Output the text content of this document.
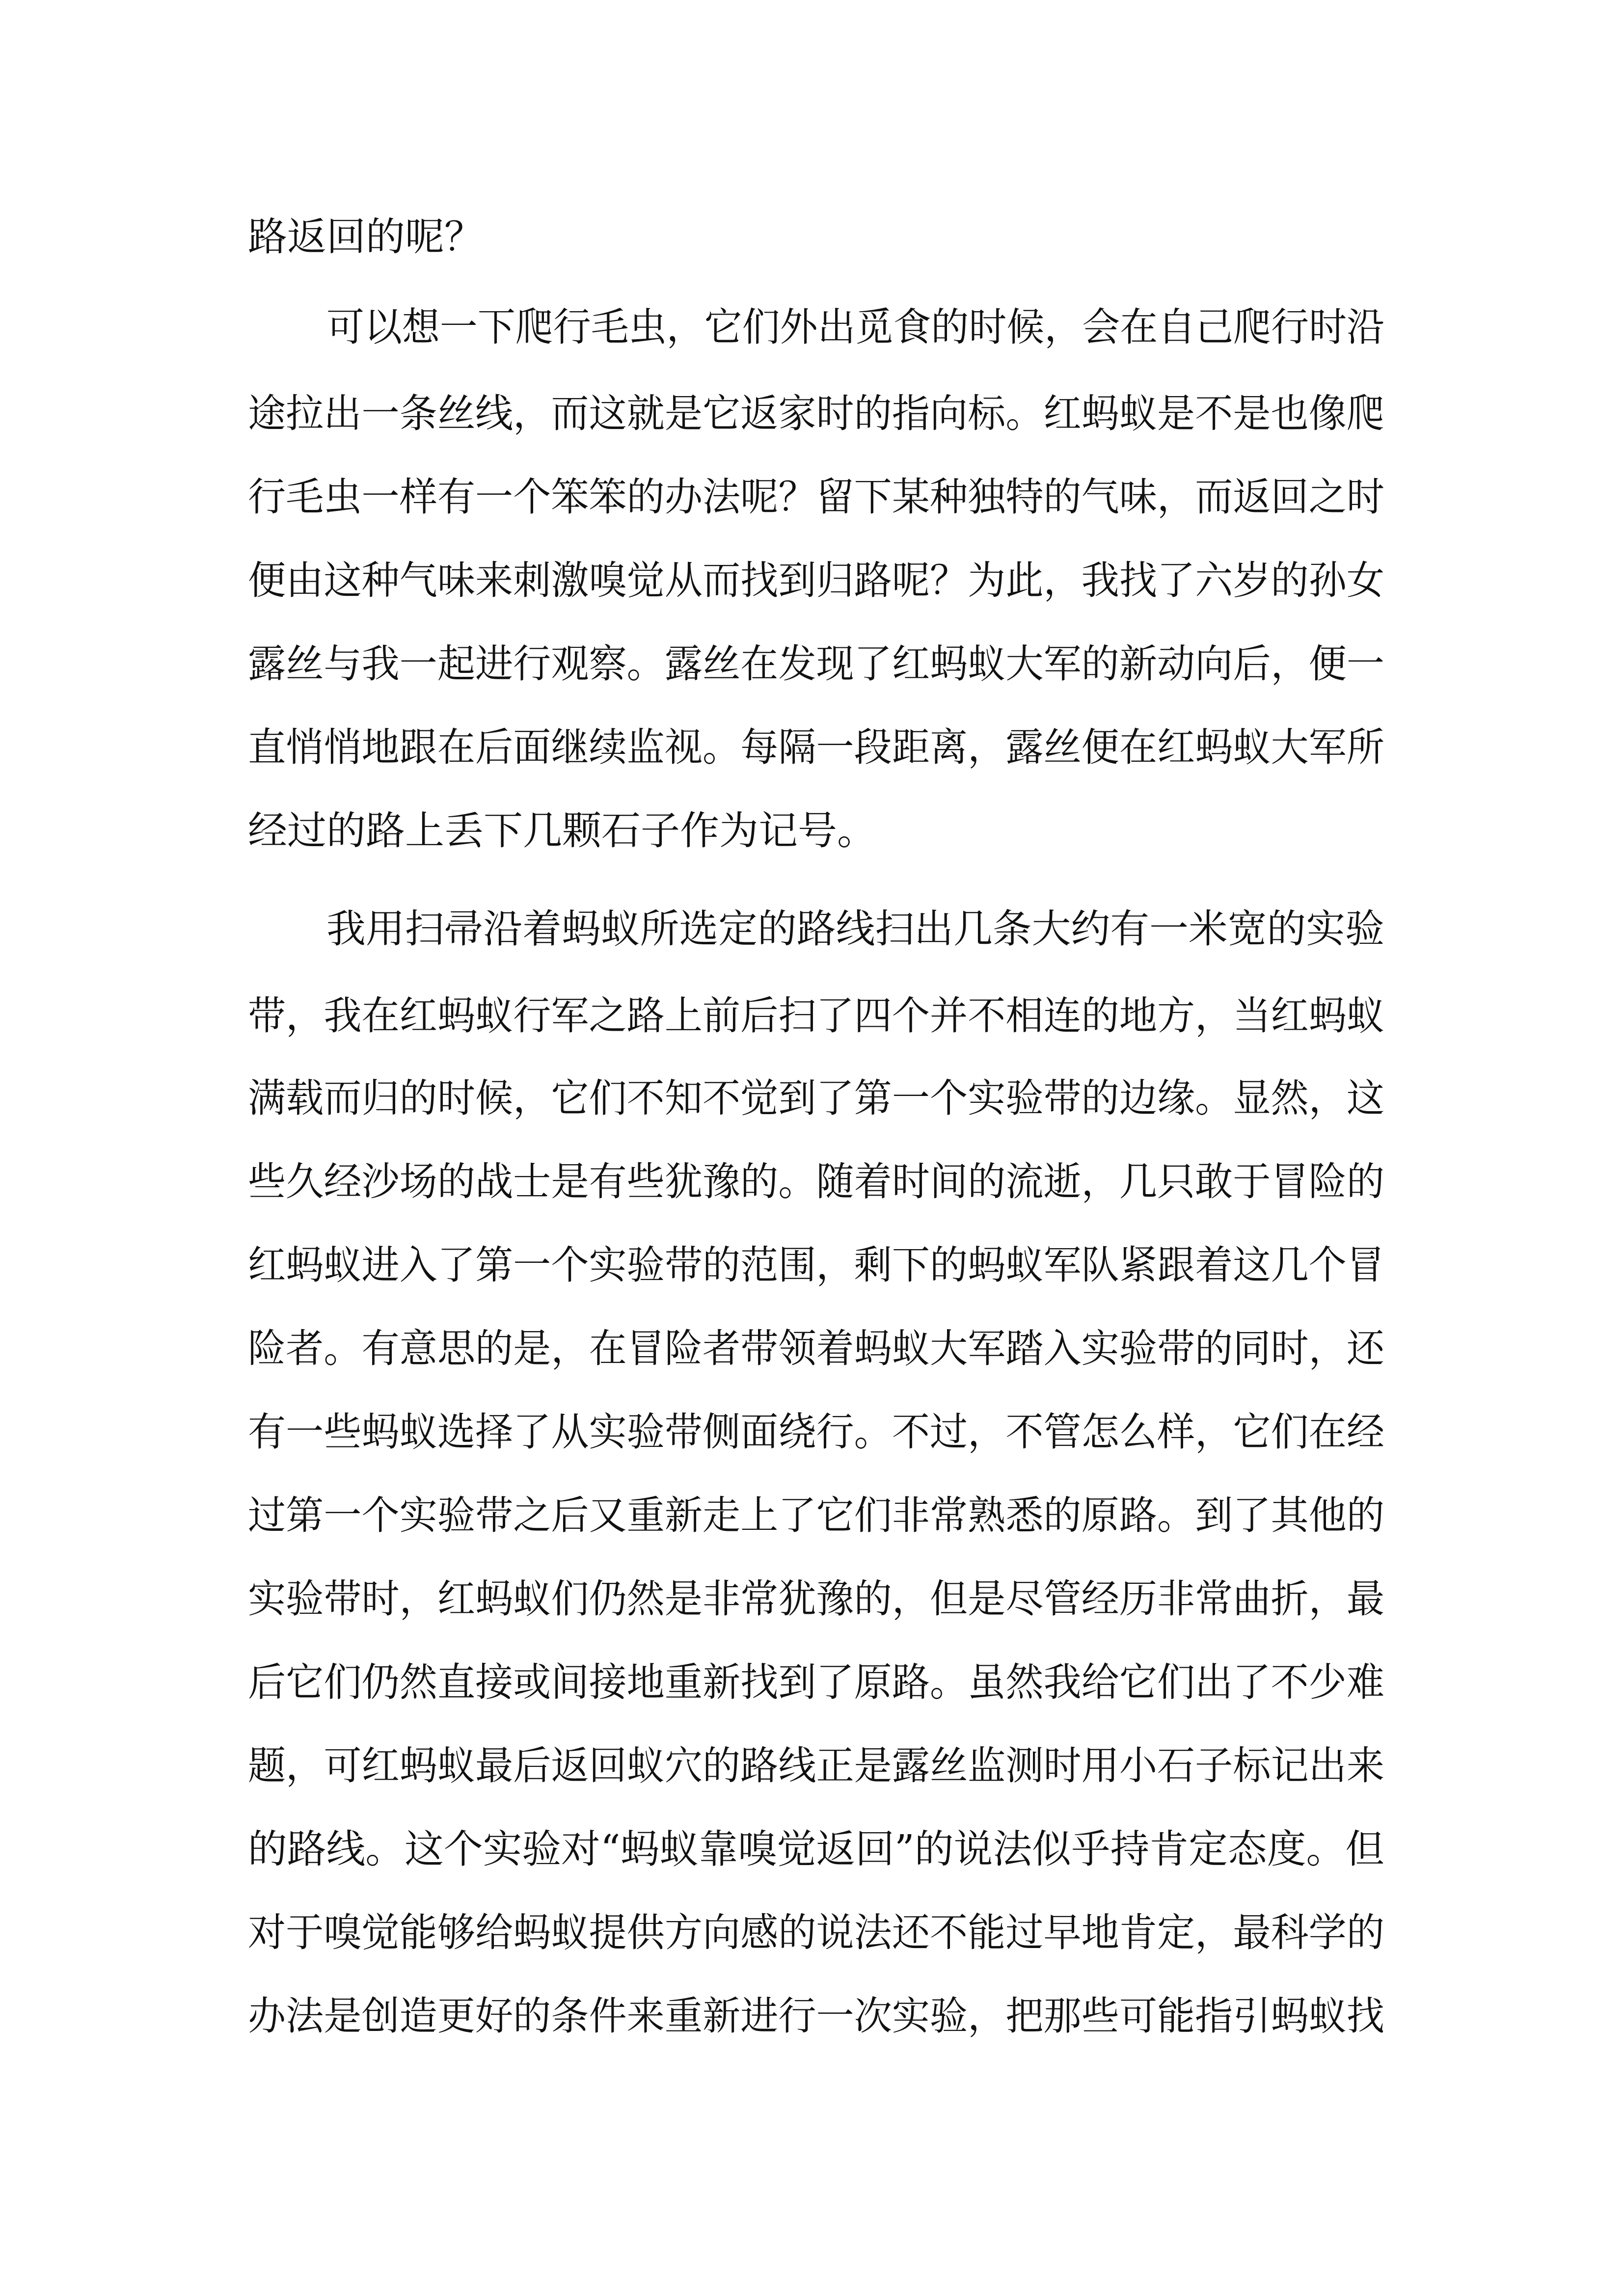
路返回的呢？
可以想一下爬行毛虫，它们外出觅食的时候，会在自己爬行时沿
途拉出一条丝线，而这就是它返家时的指向标。红蚂蚁是不是也像爬
行毛虫一样有一个笨笨的办法呢？留下某种独特的气味，而返回之时
便由这种气味来刺激嗅觉从而找到归路呢？为此，我找了六岁的孙女
露丝与我一起进行观察。露丝在发现了红蚂蚁大军的新动向后，便一
直悄悄地跟在后面继续监视。每隔一段距离，露丝便在红蚂蚁大军所
经过的路上丢下几颗石子作为记号。
我用扫帚沿着蚂蚁所选定的路线扫出几条大约有一米宽的实验
带，我在红蚂蚁行军之路上前后扫了四个并不相连的地方，当红蚂蚁
满载而归的时候，它们不知不觉到了第一个实验带的边缘。显然，这
些久经沙场的战士是有些犹豫的。随着时间的流逝，几只敢于冒险的
红蚂蚁进入了第一个实验带的范围，剩下的蚂蚁军队紧跟着这几个冒
险者。有意思的是，在冒险者带领着蚂蚁大军踏入实验带的同时，还
有一些蚂蚁选择了从实验带侧面绕行。不过，不管怎么样，它们在经
过第一个实验带之后又重新走上了它们非常熟悉的原路。到了其他的
实验带时，红蚂蚁们仍然是非常犹豫的，但是尽管经历非常曲折，最
后它们仍然直接或间接地重新找到了原路。虽然我给它们出了不少难
题，可红蚂蚁最后返回蚁穴的路线正是露丝监测时用小石子标记出来
的路线。这个实验对“蚂蚁靠嗅觉返回”的说法似乎持肯定态度。但
对于嗅觉能够给蚂蚁提供方向感的说法还不能过早地肯定，最科学的
办法是创造更好的条件来重新进行一次实验，把那些可能指引蚂蚁找
